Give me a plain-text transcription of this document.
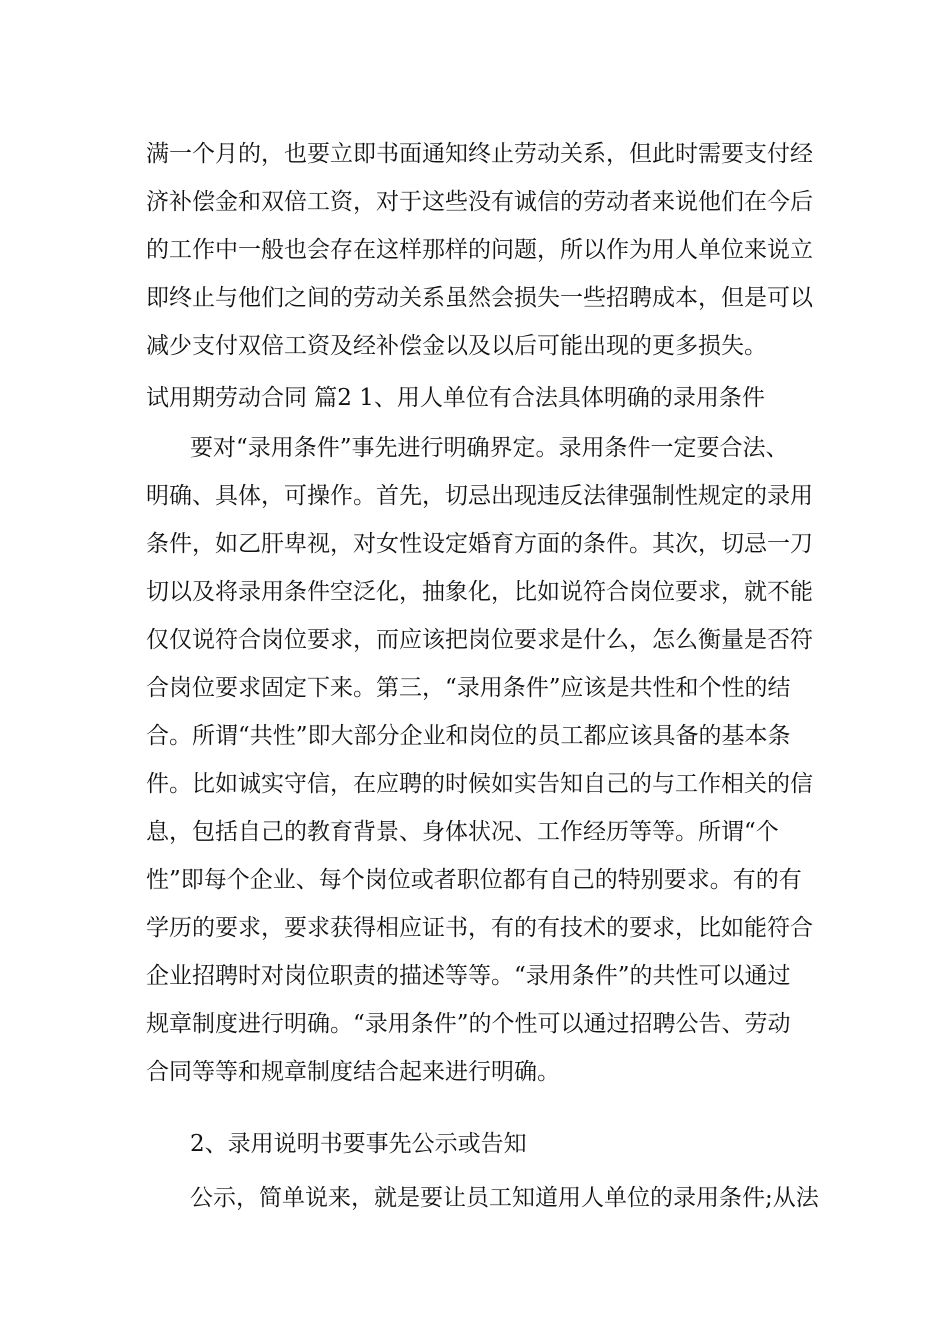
满一个月的，也要立即书面通知终止劳动关系，但此时需要支付经

济补偿金和双倍工资，对于这些没有诚信的劳动者来说他们在今后

的工作中一般也会存在这样那样的问题，所以作为用人单位来说立

即终止与他们之间的劳动关系虽然会损失一些招聘成本，但是可以

减少支付双倍工资及经补偿金以及以后可能出现的更多损失。

试用期劳动合同 篇2 1、用人单位有合法具体明确的录用条件

要对“录用条件”事先进行明确界定。录用条件一定要合法、

明确、具体，可操作。首先，切忌出现违反法律强制性规定的录用

条件，如乙肝卑视，对女性设定婚育方面的条件。其次，切忌一刀

切以及将录用条件空泛化，抽象化，比如说符合岗位要求，就不能

仅仅说符合岗位要求，而应该把岗位要求是什么，怎么衡量是否符

合岗位要求固定下来。第三，“录用条件”应该是共性和个性的结

合。所谓“共性”即大部分企业和岗位的员工都应该具备的基本条

件。比如诚实守信，在应聘的时候如实告知自己的与工作相关的信

息，包括自己的教育背景、身体状况、工作经历等等。所谓“个

性”即每个企业、每个岗位或者职位都有自己的特别要求。有的有

学历的要求，要求获得相应证书，有的有技术的要求，比如能符合

企业招聘时对岗位职责的描述等等。“录用条件”的共性可以通过

规章制度进行明确。“录用条件”的个性可以通过招聘公告、劳动

合同等等和规章制度结合起来进行明确。

2、录用说明书要事先公示或告知

公示，简单说来，就是要让员工知道用人单位的录用条件;从法
